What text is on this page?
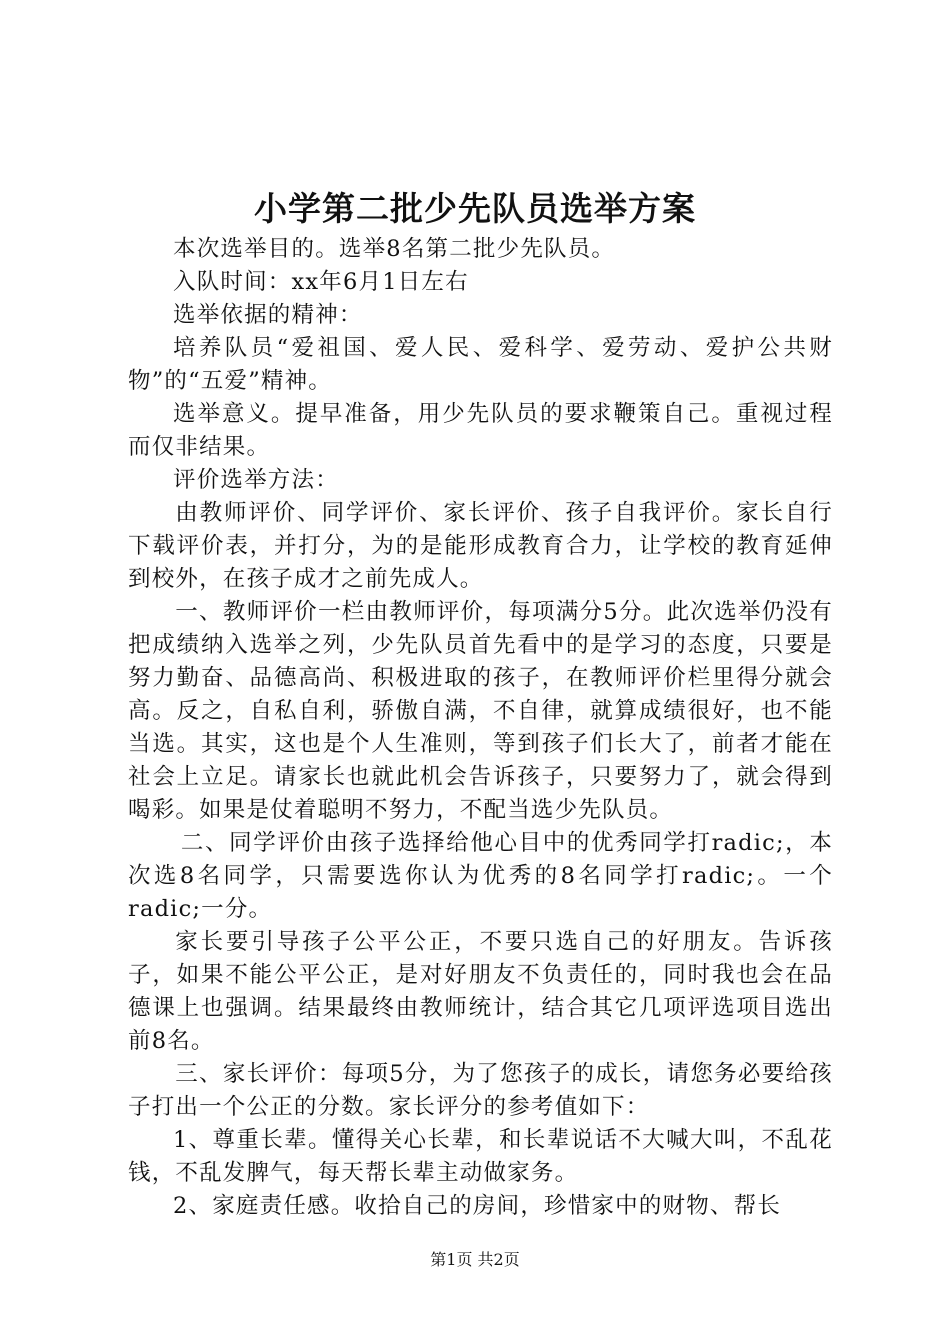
小学第二批少先队员选举方案

本次选举目的。选举8名第二批少先队员。

入队时间：xx年6月1日左右

选举依据的精神：

培养队员“爱祖国、爱人民、爱科学、爱劳动、爱护公共财物”的“五爱”精神。

选举意义。提早准备，用少先队员的要求鞭策自己。重视过程而仅非结果。

评价选举方法：

由教师评价、同学评价、家长评价、孩子自我评价。家长自行下载评价表，并打分，为的是能形成教育合力，让学校的教育延伸到校外，在孩子成才之前先成人。

一、教师评价一栏由教师评价，每项满分5分。此次选举仍没有把成绩纳入选举之列，少先队员首先看中的是学习的态度，只要是努力勤奋、品德高尚、积极进取的孩子，在教师评价栏里得分就会高。反之，自私自利，骄傲自满，不自律，就算成绩很好，也不能当选。其实，这也是个人生准则，等到孩子们长大了，前者才能在社会上立足。请家长也就此机会告诉孩子，只要努力了，就会得到喝彩。如果是仗着聪明不努力，不配当选少先队员。

二、同学评价由孩子选择给他心目中的优秀同学打radic;，本次选8名同学，只需要选你认为优秀的8名同学打radic;。一个radic;一分。

家长要引导孩子公平公正，不要只选自己的好朋友。告诉孩子，如果不能公平公正，是对好朋友不负责任的，同时我也会在品德课上也强调。结果最终由教师统计，结合其它几项评选项目选出前8名。

三、家长评价：每项5分，为了您孩子的成长，请您务必要给孩子打出一个公正的分数。家长评分的参考值如下：

1、尊重长辈。懂得关心长辈，和长辈说话不大喊大叫，不乱花钱，不乱发脾气，每天帮长辈主动做家务。

2、家庭责任感。收拾自己的房间，珍惜家中的财物、帮长

第1页 共2页
